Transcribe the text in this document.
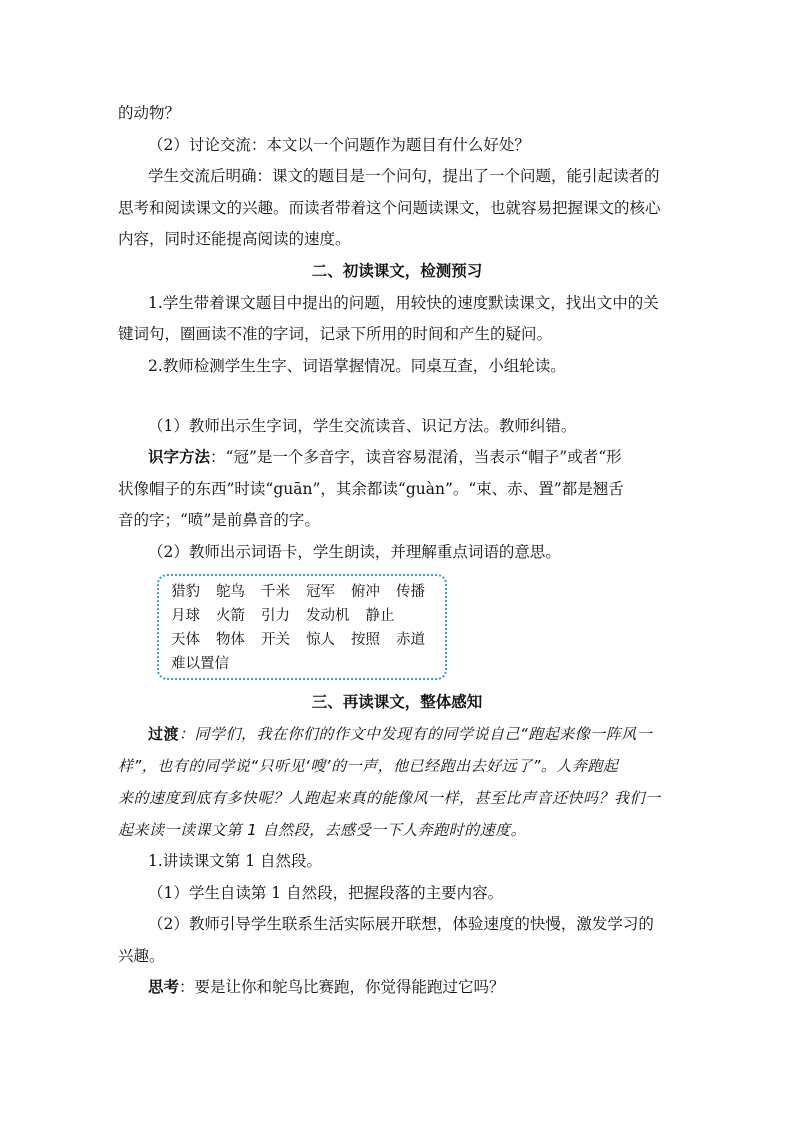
的动物？
（2）讨论交流：本文以一个问题作为题目有什么好处？
学生交流后明确：课文的题目是一个问句，提出了一个问题，能引起读者的
思考和阅读课文的兴趣。而读者带着这个问题读课文，也就容易把握课文的核心
内容，同时还能提高阅读的速度。
二、初读课文，检测预习
1.学生带着课文题目中提出的问题，用较快的速度默读课文，找出文中的关
键词句，圈画读不准的字词，记录下所用的时间和产生的疑问。
2.教师检测学生生字、词语掌握情况。同桌互查，小组轮读。
（1）教师出示生字词，学生交流读音、识记方法。教师纠错。
识字方法：“冠”是一个多音字，读音容易混淆，当表示“帽子”或者“形
状像帽子的东西”时读“guān”，其余都读“guàn”。“束、赤、置”都是翘舌
音的字；“喷”是前鼻音的字。
（2）教师出示词语卡，学生朗读，并理解重点词语的意思。
猎豹 鸵鸟 千米 冠军 俯冲 传播
月球 火箭 引力 发动机 静止
天体 物体 开关 惊人 按照 赤道
难以置信
三、再读课文，整体感知
过渡：同学们，我在你们的作文中发现有的同学说自己“跑起来像一阵风一
样”，也有的同学说“只听见‘嗖’的一声，他已经跑出去好远了”。人奔跑起
来的速度到底有多快呢？人跑起来真的能像风一样，甚至比声音还快吗？我们一
起来读一读课文第 1 自然段，去感受一下人奔跑时的速度。
1.讲读课文第 1 自然段。
（1）学生自读第 1 自然段，把握段落的主要内容。
（2）教师引导学生联系生活实际展开联想，体验速度的快慢，激发学习的
兴趣。
思考：要是让你和鸵鸟比赛跑，你觉得能跑过它吗？
